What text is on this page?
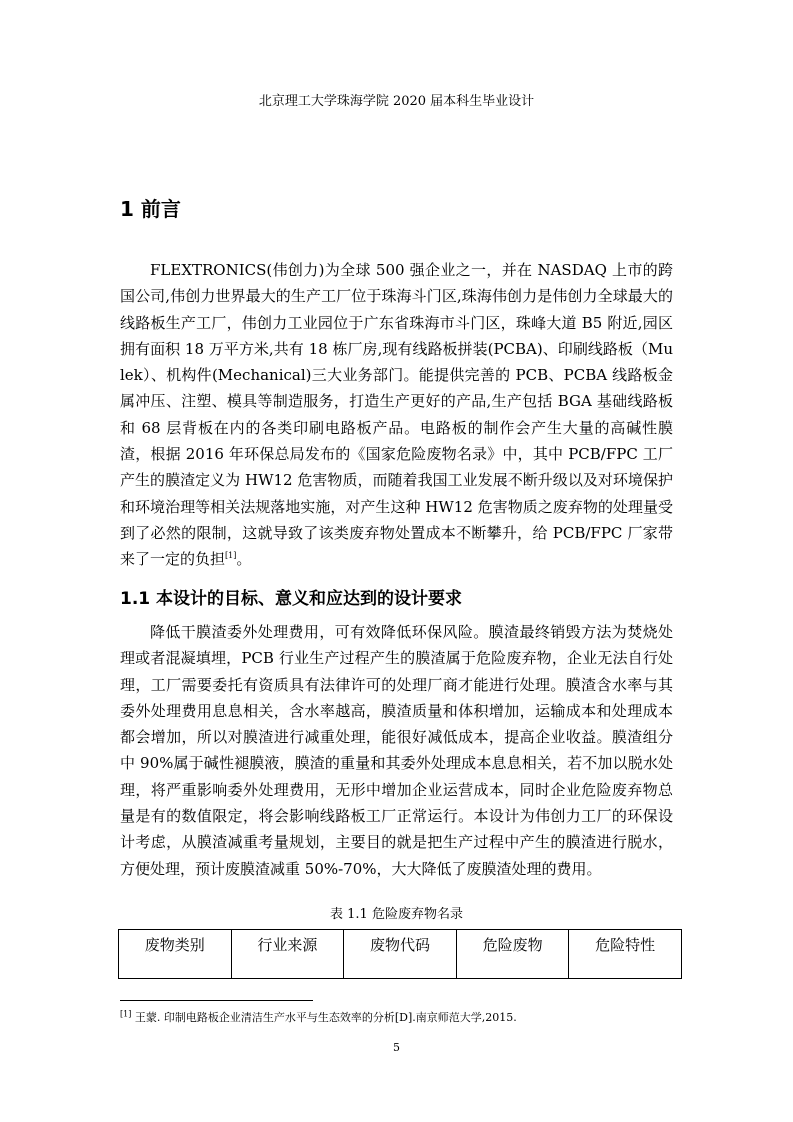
北京理工大学珠海学院 2020 届本科生毕业设计
1 前言

FLEXTRONICS(伟创力)为全球 500 强企业之一，并在 NASDAQ 上市的跨国公司,伟创力世界最大的生产工厂位于珠海斗门区,珠海伟创力是伟创力全球最大的线路板生产工厂，伟创力工业园位于广东省珠海市斗门区，珠峰大道 B5 附近,园区拥有面积 18 万平方米,共有 18 栋厂房,现有线路板拼装(PCBA)、印刷线路板（Mulek）、机构件(Mechanical)三大业务部门。能提供完善的 PCB、PCBA 线路板金属冲压、注塑、模具等制造服务，打造生产更好的产品,生产包括 BGA 基础线路板和 68 层背板在内的各类印刷电路板产品。电路板的制作会产生大量的高碱性膜渣，根据 2016 年环保总局发布的《国家危险废物名录》中，其中 PCB/FPC 工厂产生的膜渣定义为 HW12 危害物质，而随着我国工业发展不断升级以及对环境保护和环境治理等相关法规落地实施，对产生这种 HW12 危害物质之废弃物的处理量受到了必然的限制，这就导致了该类废弃物处置成本不断攀升，给 PCB/FPC 厂家带来了一定的负担[1]。

1.1 本设计的目标、意义和应达到的设计要求

降低干膜渣委外处理费用，可有效降低环保风险。膜渣最终销毁方法为焚烧处理或者混凝填埋，PCB 行业生产过程产生的膜渣属于危险废弃物，企业无法自行处理，工厂需要委托有资质具有法律许可的处理厂商才能进行处理。膜渣含水率与其委外处理费用息息相关，含水率越高，膜渣质量和体积增加，运输成本和处理成本都会增加，所以对膜渣进行减重处理，能很好减低成本，提高企业收益。膜渣组分中 90%属于碱性褪膜液，膜渣的重量和其委外处理成本息息相关，若不加以脱水处理，将严重影响委外处理费用，无形中增加企业运营成本，同时企业危险废弃物总量是有的数值限定，将会影响线路板工厂正常运行。本设计为伟创力工厂的环保设计考虑，从膜渣减重考量规划，主要目的就是把生产过程中产生的膜渣进行脱水，方便处理，预计废膜渣减重 50%-70%，大大降低了废膜渣处理的费用。

表 1.1 危险废弃物名录
废物类别	行业来源	废物代码	危险废物	危险特性
[1] 王蒙. 印制电路板企业清洁生产水平与生态效率的分析[D].南京师范大学,2015.
5
